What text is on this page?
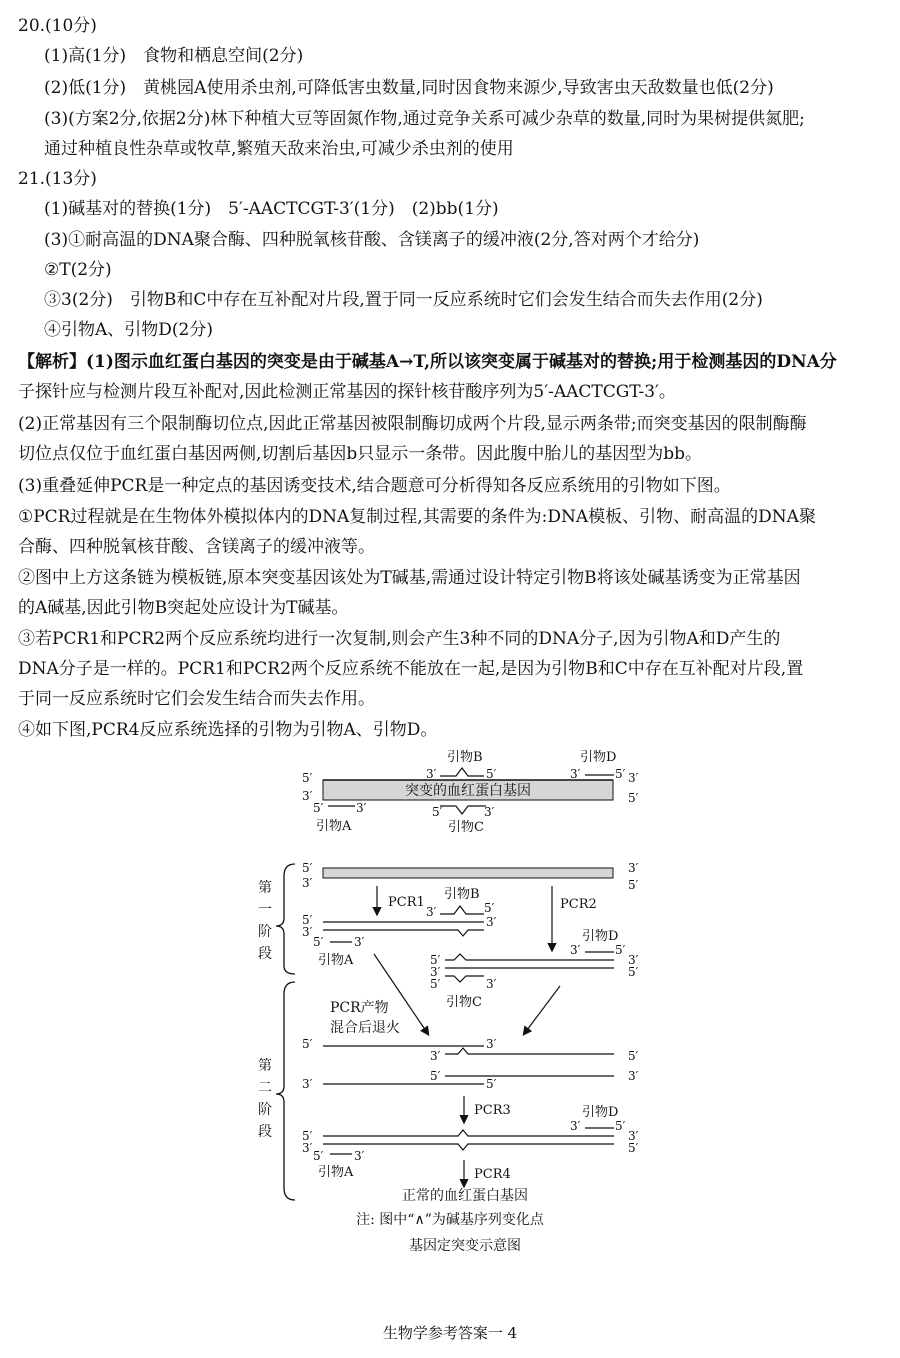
20.(10分)
(1)高(1分)　食物和栖息空间(2分)
(2)低(1分)　黄桃园A使用杀虫剂,可降低害虫数量,同时因食物来源少,导致害虫天敌数量也低(2分)
(3)(方案2分,依据2分)林下种植大豆等固氮作物,通过竞争关系可减少杂草的数量,同时为果树提供氮肥;
通过种植良性杂草或牧草,繁殖天敌来治虫,可减少杀虫剂的使用
21.(13分)
(1)碱基对的替换(1分)　5′-AACTCGT-3′(1分)　(2)bb(1分)
(3)①耐高温的DNA聚合酶、四种脱氧核苷酸、含镁离子的缓冲液(2分,答对两个才给分)
②T(2分)
③3(2分)　引物B和C中存在互补配对片段,置于同一反应系统时它们会发生结合而失去作用(2分)
④引物A、引物D(2分)
【解析】(1)图示血红蛋白基因的突变是由于碱基A→T,所以该突变属于碱基对的替换;用于检测基因的DNA分
子探针应与检测片段互补配对,因此检测正常基因的探针核苷酸序列为5′-AACTCGT-3′。
(2)正常基因有三个限制酶切位点,因此正常基因被限制酶切成两个片段,显示两条带;而突变基因的限制酶酶
切位点仅位于血红蛋白基因两侧,切割后基因b只显示一条带。因此腹中胎儿的基因型为bb。
(3)重叠延伸PCR是一种定点的基因诱变技术,结合题意可分析得知各反应系统用的引物如下图。
①PCR过程就是在生物体外模拟体内的DNA复制过程,其需要的条件为:DNA模板、引物、耐高温的DNA聚
合酶、四种脱氧核苷酸、含镁离子的缓冲液等。
②图中上方这条链为模板链,原本突变基因该处为T碱基,需通过设计特定引物B将该处碱基诱变为正常基因
的A碱基,因此引物B突起处应设计为T碱基。
③若PCR1和PCR2两个反应系统均进行一次复制,则会产生3种不同的DNA分子,因为引物A和D产生的
DNA分子是一样的。PCR1和PCR2两个反应系统不能放在一起,是因为引物B和C中存在互补配对片段,置
于同一反应系统时它们会发生结合而失去作用。
④如下图,PCR4反应系统选择的引物为引物A、引物D。
突变的血红蛋白基因
5′
3′
3′
5′
引物B
3′	5′
引物D
3′	5′
5′	3′
引物A
5′	3′
引物C
第
一
阶
段
5′
3′
3′
5′
PCR1
引物B
3′	5′
5′
3′
3′
5′	3′
引物A
PCR2
引物D
3′	5′
5′
3′
3′
5′
5′	3′
引物C
第
二
阶
段
PCR产物
混合后退火
5′	3′
3′	5′
5′	3′
3′	5′
PCR3	引物D
3′	5′
5′
3′
3′
5′
5′	3′
引物A	PCR4
正常的血红蛋白基因
注: 图中“∧”为碱基序列变化点
基因定突变示意图
生物学参考答案一 4
